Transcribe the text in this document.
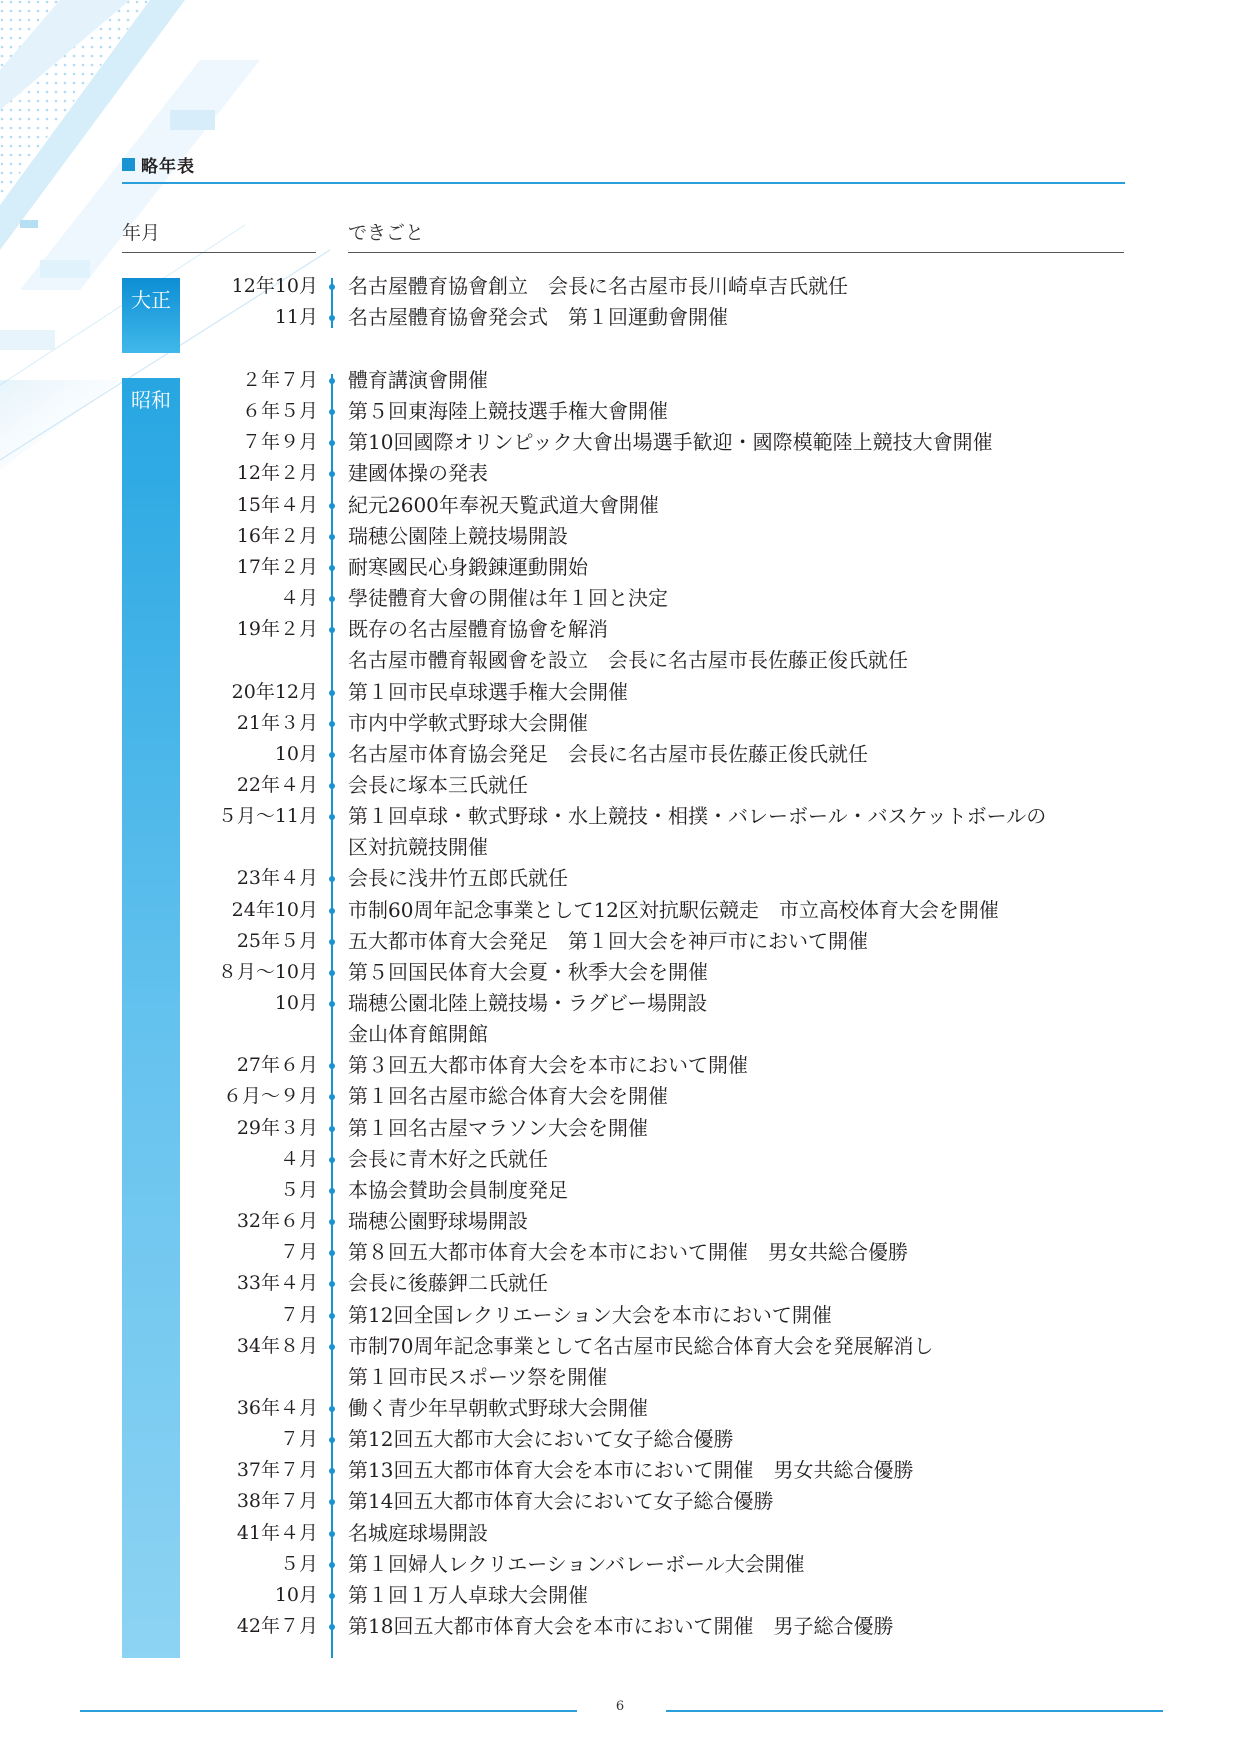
略年表
年月	できごと
大正
昭和
12年10月 名古屋體育協會創立　会長に名古屋市長川崎卓吉氏就任
11月 名古屋體育協會発会式　第１回運動會開催
２年７月 體育講演會開催
６年５月 第５回東海陸上競技選手権大會開催
７年９月 第10回國際オリンピック大會出場選手歓迎・國際模範陸上競技大會開催
12年２月 建國体操の発表
15年４月 紀元2600年奉祝天覧武道大會開催
16年２月 瑞穂公園陸上競技場開設
17年２月 耐寒國民心身鍛錬運動開始
４月 學徒體育大會の開催は年１回と決定
19年２月 既存の名古屋體育協會を解消
名古屋市體育報國會を設立　会長に名古屋市長佐藤正俊氏就任
20年12月 第１回市民卓球選手権大会開催
21年３月 市内中学軟式野球大会開催
10月 名古屋市体育協会発足　会長に名古屋市長佐藤正俊氏就任
22年４月 会長に塚本三氏就任
５月～11月 第１回卓球・軟式野球・水上競技・相撲・バレーボール・バスケットボールの
区対抗競技開催
23年４月 会長に浅井竹五郎氏就任
24年10月 市制60周年記念事業として12区対抗駅伝競走　市立高校体育大会を開催
25年５月 五大都市体育大会発足　第１回大会を神戸市において開催
８月～10月 第５回国民体育大会夏・秋季大会を開催
10月 瑞穂公園北陸上競技場・ラグビー場開設
金山体育館開館
27年６月 第３回五大都市体育大会を本市において開催
６月～９月 第１回名古屋市総合体育大会を開催
29年３月 第１回名古屋マラソン大会を開催
４月 会長に青木好之氏就任
５月 本協会賛助会員制度発足
32年６月 瑞穂公園野球場開設
７月 第８回五大都市体育大会を本市において開催　男女共総合優勝
33年４月 会長に後藤鉀二氏就任
７月 第12回全国レクリエーション大会を本市において開催
34年８月 市制70周年記念事業として名古屋市民総合体育大会を発展解消し
第１回市民スポーツ祭を開催
36年４月 働く青少年早朝軟式野球大会開催
７月 第12回五大都市大会において女子総合優勝
37年７月 第13回五大都市体育大会を本市において開催　男女共総合優勝
38年７月 第14回五大都市体育大会において女子総合優勝
41年４月 名城庭球場開設
５月 第１回婦人レクリエーションバレーボール大会開催
10月 第１回１万人卓球大会開催
42年７月 第18回五大都市体育大会を本市において開催　男子総合優勝
6
